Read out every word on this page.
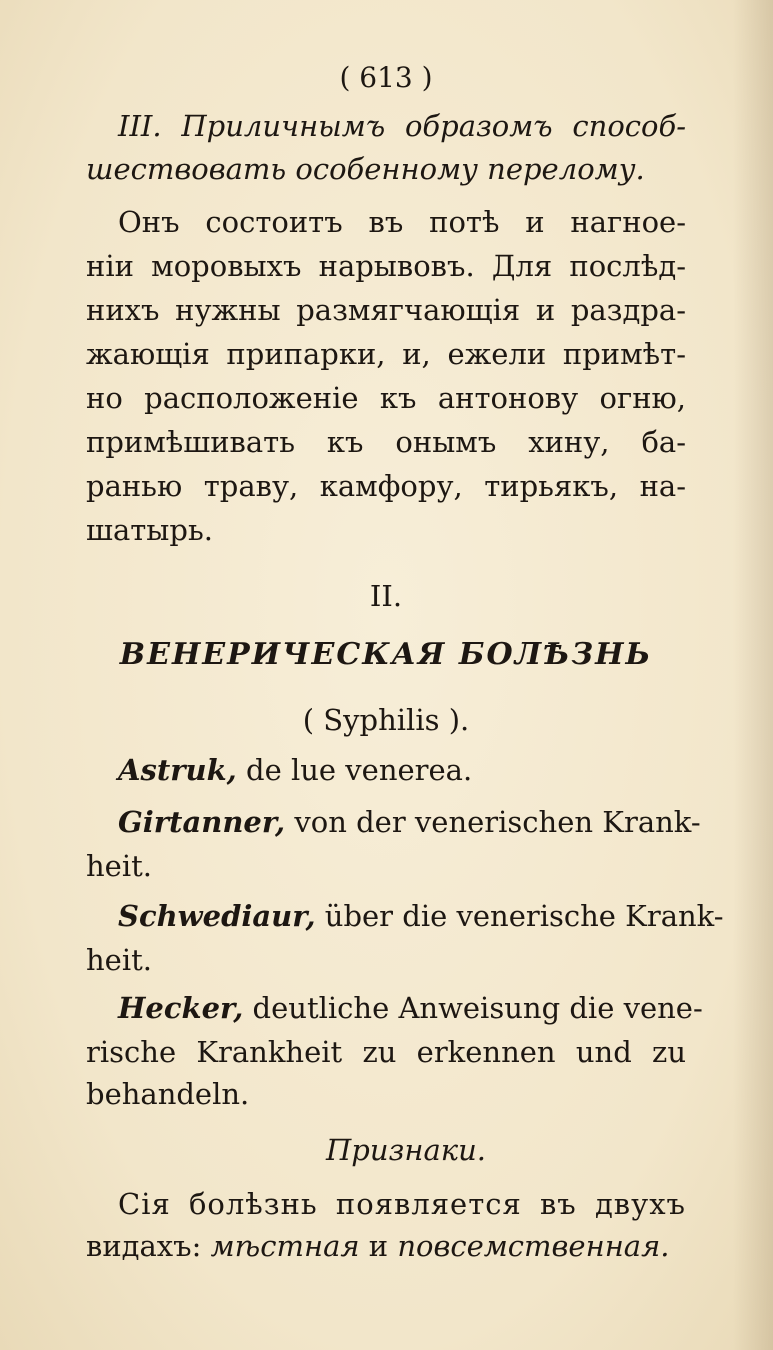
( 613 )
III. Приличнымъ образомъ способ-
шествовать особенному перелому.
Онъ состоитъ въ потѣ и нагное-
ніи моровыхъ нарывовъ. Для послѣд-
нихъ нужны размягчающія и раздра-
жающія припарки, и, ежели примѣт-
но расположеніе къ антонову огню,
примѣшивать къ онымъ хину, ба-
ранью траву, камфору, тирьякъ, на-
шатырь.
II.
ВЕНЕРИЧЕСКАЯ БОЛѢЗНЬ
( Syphilis ).
Astruk, de lue venerea.
Girtanner, von der venerischen Krank-
heit.
Schwediaur, über die venerische Krank-
heit.
Hecker, deutliche Anweisung die vene-
rische Krankheit zu erkennen und zu
behandeln.
Признаки.
Сія болѣзнь появляется въ двухъ
видахъ: мѣстная и повсемственная.
